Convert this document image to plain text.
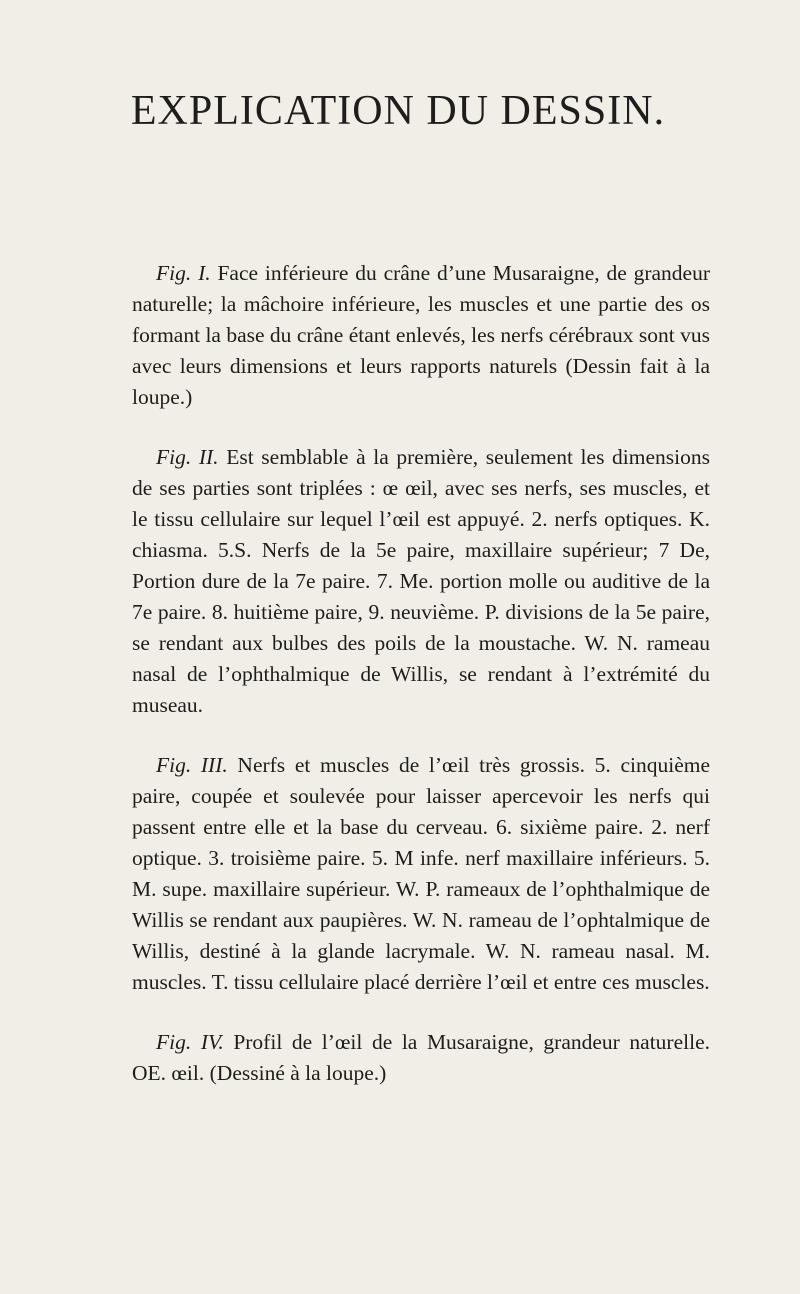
EXPLICATION DU DESSIN.

Fig. I. Face inférieure du crâne d’une Musaraigne, de grandeur naturelle; la mâchoire inférieure, les muscles et une partie des os formant la base du crâne étant enlevés, les nerfs cérébraux sont vus avec leurs dimensions et leurs rapports naturels (Dessin fait à la loupe.)

Fig. II. Est semblable à la première, seulement les dimensions de ses parties sont triplées : œ œil, avec ses nerfs, ses muscles, et le tissu cellulaire sur lequel l’œil est appuyé. 2. nerfs optiques. K. chiasma. 5.S. Nerfs de la 5e paire, maxillaire supérieur; 7 De, Portion dure de la 7e paire. 7. Me. portion molle ou auditive de la 7e paire. 8. huitième paire, 9. neuvième. P. divisions de la 5e paire, se rendant aux bulbes des poils de la moustache. W. N. rameau nasal de l’ophthalmique de Willis, se rendant à l’extrémité du museau.

Fig. III. Nerfs et muscles de l’œil très grossis. 5. cinquième paire, coupée et soulevée pour laisser apercevoir les nerfs qui passent entre elle et la base du cerveau. 6. sixième paire. 2. nerf optique. 3. troisième paire. 5. M infe. nerf maxillaire inférieurs. 5. M. supe. maxillaire supérieur. W. P. rameaux de l’ophthalmique de Willis se rendant aux paupières. W. N. rameau de l’ophtalmique de Willis, destiné à la glande lacrymale. W. N. rameau nasal. M. muscles. T. tissu cellulaire placé derrière l’œil et entre ces muscles.

Fig. IV. Profil de l’œil de la Musaraigne, grandeur naturelle. OE. œil. (Dessiné à la loupe.)
